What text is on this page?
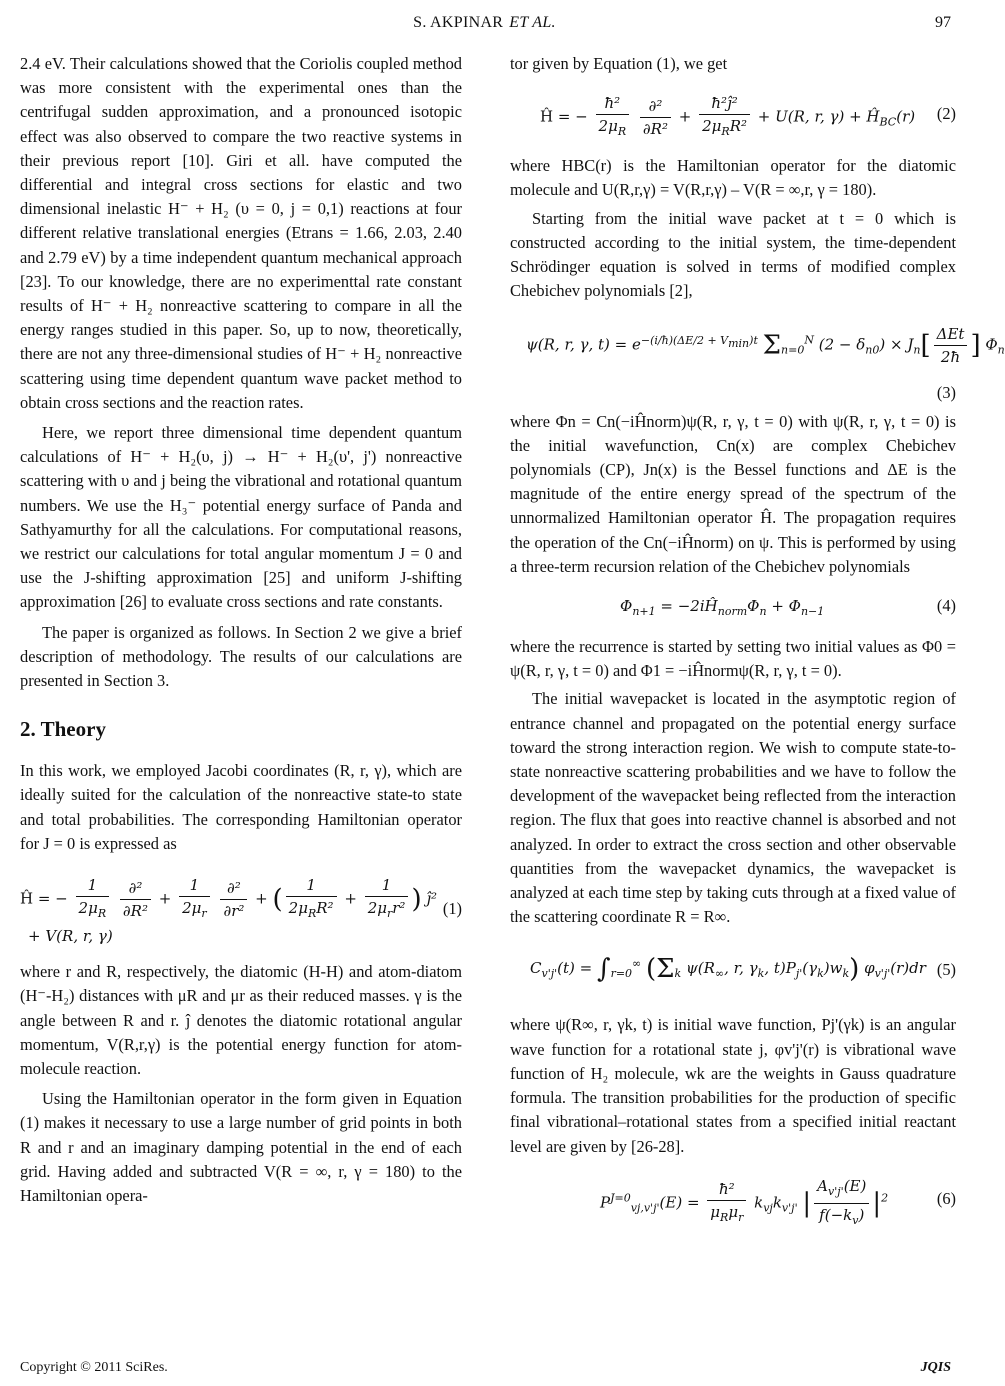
S. AKPINAR ET AL.	97

2.4 eV. Their calculations showed that the Coriolis coupled method was more consistent with the experimental ones than the centrifugal sudden approximation, and a pronounced isotopic effect was also observed to compare the two reactive systems in their previous report [10]. Giri et all. have computed the differential and integral cross sections for elastic and two dimensional inelastic H⁻ + H₂ (υ = 0, j = 0,1) reactions at four different relative translational energies (Etrans = 1.66, 2.03, 2.40 and 2.79 eV) by a time independent quantum mechanical approach [23]. To our knowledge, there are no experimenttal rate constant results of H⁻ + H₂ nonreactive scattering to compare in all the energy ranges studied in this paper. So, up to now, theoretically, there are not any three-dimensional studies of H⁻ + H₂ nonreactive scattering using time dependent quantum wave packet method to obtain cross sections and the reaction rates.

Here, we report three dimensional time dependent quantum calculations of H⁻ + H₂(υ, j) → H⁻ + H₂(υ', j') nonreactive scattering with υ and j being the vibrational and rotational quantum numbers. We use the H₃⁻ potential energy surface of Panda and Sathyamurthy for all the calculations. For computational reasons, we restrict our calculations for total angular momentum J = 0 and use the J-shifting approximation [25] and uniform J-shifting approximation [26] to evaluate cross sections and rate constants.

The paper is organized as follows. In Section 2 we give a brief description of methodology. The results of our calculations are presented in Section 3.

2. Theory

In this work, we employed Jacobi coordinates (R, r, γ), which are ideally suited for the calculation of the nonreactive state-to state and total probabilities. The corresponding Hamiltonian operator for J = 0 is expressed as

Ĥ = − $\frac{1}{2\mu_R}$
$\frac{\text{∂²}}{\text{∂R²}} + \frac{1}{2\mu_r}$
$\frac{\text{∂²}}{\text{∂r²}}$ + ( $\frac{1}{2\mu_RR^2} + \frac{1}{2\mu_rr^2}$ ) ĵ²
+ V(R, r, γ)
(1)

where r and R, respectively, the diatomic (H-H) and atom-diatom (H⁻-H₂) distances with μR and μr as their reduced masses. γ is the angle between R and r. ĵ denotes the diatomic rotational angular momentum, V(R,r,γ) is the potential energy function for atom-molecule reaction.

Using the Hamiltonian operator in the form given in Equation (1) makes it necessary to use a large number of grid points in both R and r and an imaginary damping potential in the end of each grid. Having added and subtracted V(R = ∞, r, γ = 180) to the Hamiltonian opera-

tor given by Equation (1), we get

Ĥ = − $\frac{\text{ħ²}}{2\mu_R}$
$\frac{\text{∂²}}{\text{∂R²}} + \frac{\text{ħ²ĵ²}}{2\mu_RR^2} + U(R$, r, $\gamma) + Ĥ_{BC}(r)$	(2)

where HBC(r) is the Hamiltonian operator for the diatomic molecule and U(R,r,γ) = V(R,r,γ) – V(R = ∞,r, γ = 180).

Starting from the initial wave packet at t = 0 which is constructed according to the initial system, the time-dependent Schrödinger equation is solved in terms of modified complex Chebichev polynomials [2],

ψ(R, r, γ, $t) = e^{-(i/ħ)(\Delta E/2 + V_{min})t}$ $\Sigma_{n=0}^N$ $(2 - \delta_{n0}) \times J_n[ \frac{\text{ΔEt}}{2ħ}$ ] $\Phi_n$
(3)

where Φn = Cn(−iĤnorm)ψ(R, r, γ, t = 0) with ψ(R, r, γ, t = 0) is the initial wavefunction, Cn(x) are complex Chebichev polynomials (CP), Jn(x) is the Bessel functions and ΔE is the magnitude of the entire energy spread of the spectrum of the unnormalized Hamiltonian operator Ĥ. The propagation requires the operation of the Cn(−iĤnorm) on ψ. This is performed by using a three-term recursion relation of the Chebichev polynomials

$\Phi_{n+1}$ = $-2iĤ_{norm}\Phi_n + \Phi_{n-1}$	(4)

where the recurrence is started by setting two initial values as Φ0 = ψ(R, r, γ, t = 0) and Φ1 = −iĤnormψ(R, r, γ, t = 0).

The initial wavepacket is located in the asymptotic region of entrance channel and propagated on the potential energy surface toward the strong interaction region. We wish to compute state-to-state nonreactive scattering probabilities and we have to follow the development of the wavepacket being reflected from the interaction region. The flux that goes into reactive channel is absorbed and not analyzed. In order to extract the cross section and other observable quantities from the wavepacket dynamics, the wavepacket is analyzed at each time step by taking cuts through at a fixed value of the scattering coordinate R = R∞.

$C_{v'j'}(t) = \int_{r=0}^\infty$ ($\Sigma_k$ $\psi(R_\infty$, r, $\gamma_k$, $t)P_{j'}(\gamma_k)w_k$) $\varphi_{v'j'}(r)dr$ (5)

where ψ(R∞, r, γk, t) is initial wave function, Pj'(γk) is an angular wave function for a rotational state j, φv'j'(r) is vibrational wave function of H₂ molecule, wk are the weights in Gauss quadrature formula. The transition probabilities for the production of specific final vibrational–rotational states from a specified initial reactant level are given by [26-28].

$P^{J=0}_{vj,v'j'}(E) = \frac{\text{ħ²}}{\mu_R\mu_r} k_{vj}k_{v'j'}$ | $\frac{A_{v'j'}(E)}{f(-k_v)} |^2$	(6)
Copyright © 2011 SciRes.	JQIS
